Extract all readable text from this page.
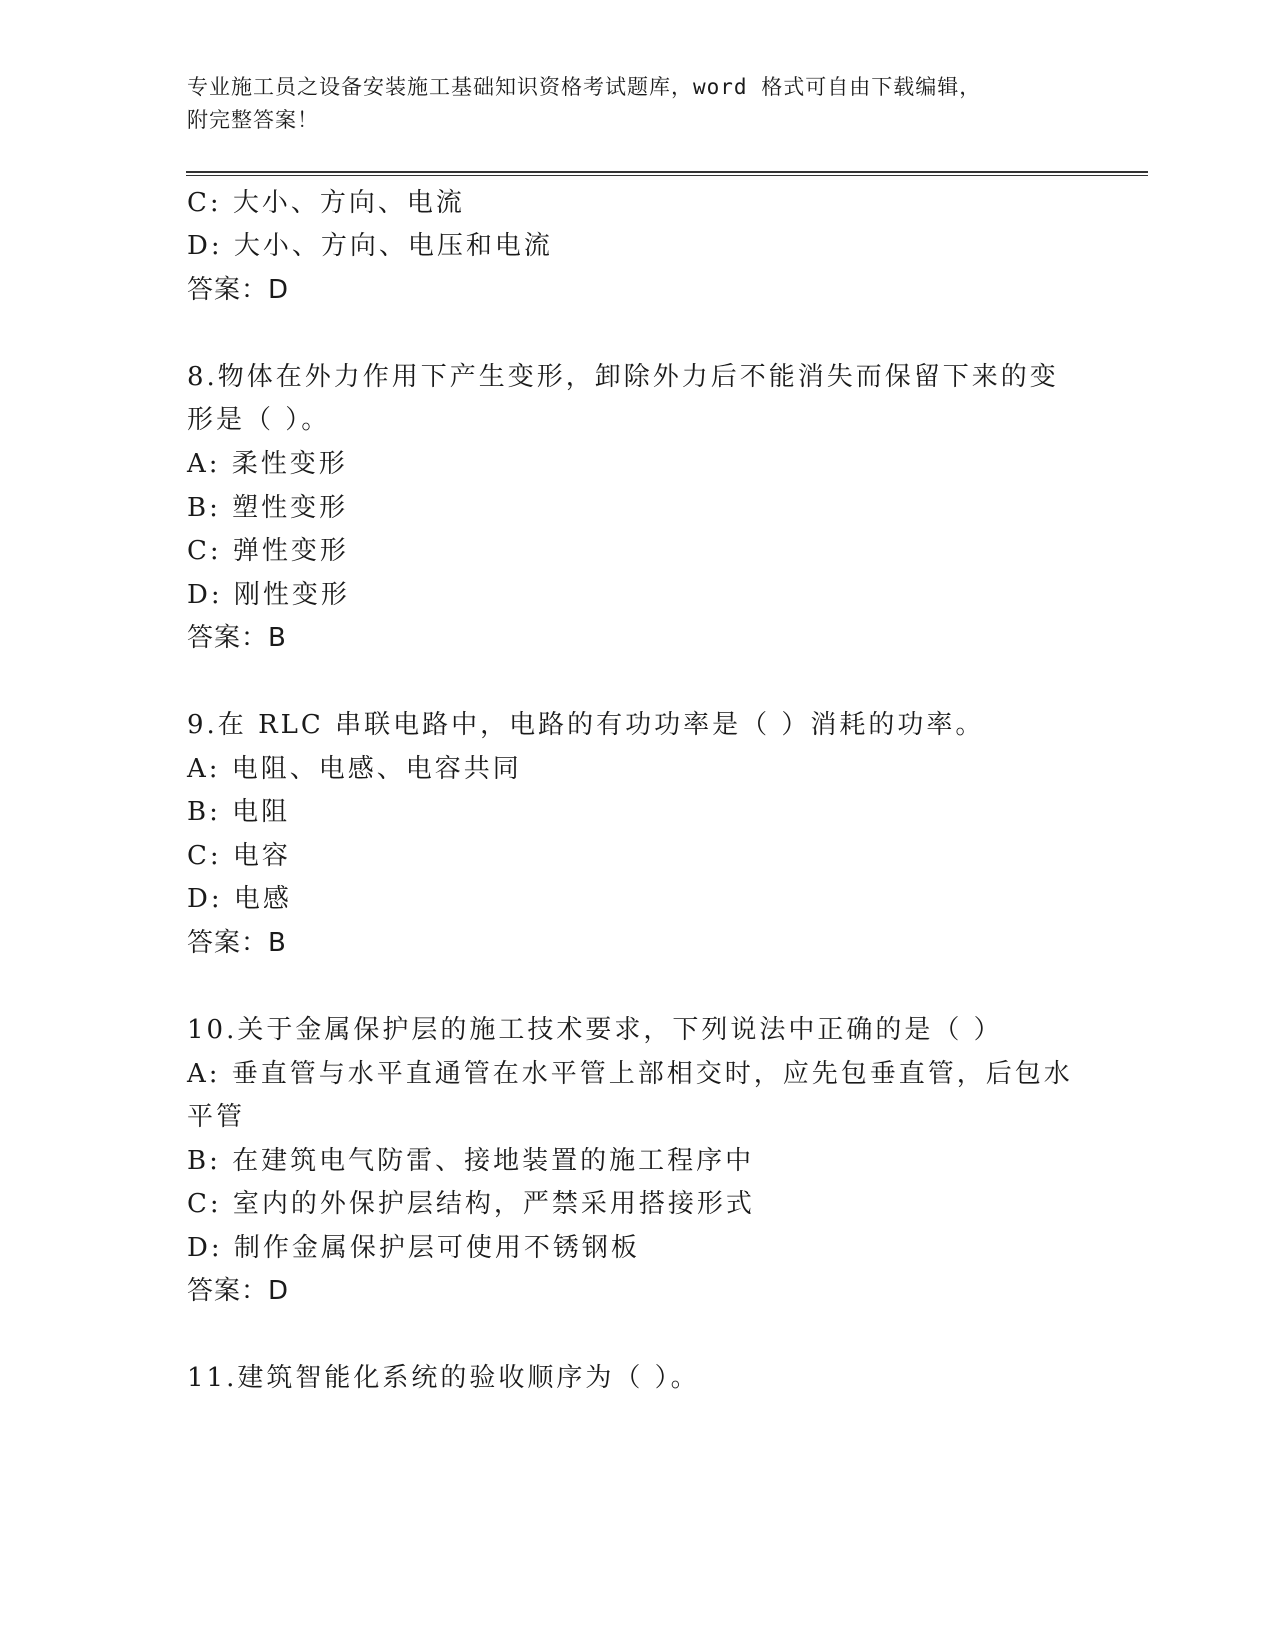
专业施工员之设备安装施工基础知识资格考试题库，word 格式可自由下载编辑，
附完整答案！
C: 大小、方向、电流
D: 大小、方向、电压和电流
答案：D
8.物体在外力作用下产生变形，卸除外力后不能消失而保留下来的变
形是（ ）。
A: 柔性变形
B: 塑性变形
C: 弹性变形
D: 刚性变形
答案：B
9.在 RLC 串联电路中，电路的有功功率是（ ）消耗的功率。
A: 电阻、电感、电容共同
B: 电阻
C: 电容
D: 电感
答案：B
10.关于金属保护层的施工技术要求，下列说法中正确的是（ ）
A: 垂直管与水平直通管在水平管上部相交时，应先包垂直管，后包水
平管
B: 在建筑电气防雷、接地装置的施工程序中
C: 室内的外保护层结构，严禁采用搭接形式
D: 制作金属保护层可使用不锈钢板
答案：D
11.建筑智能化系统的验收顺序为（ ）。
